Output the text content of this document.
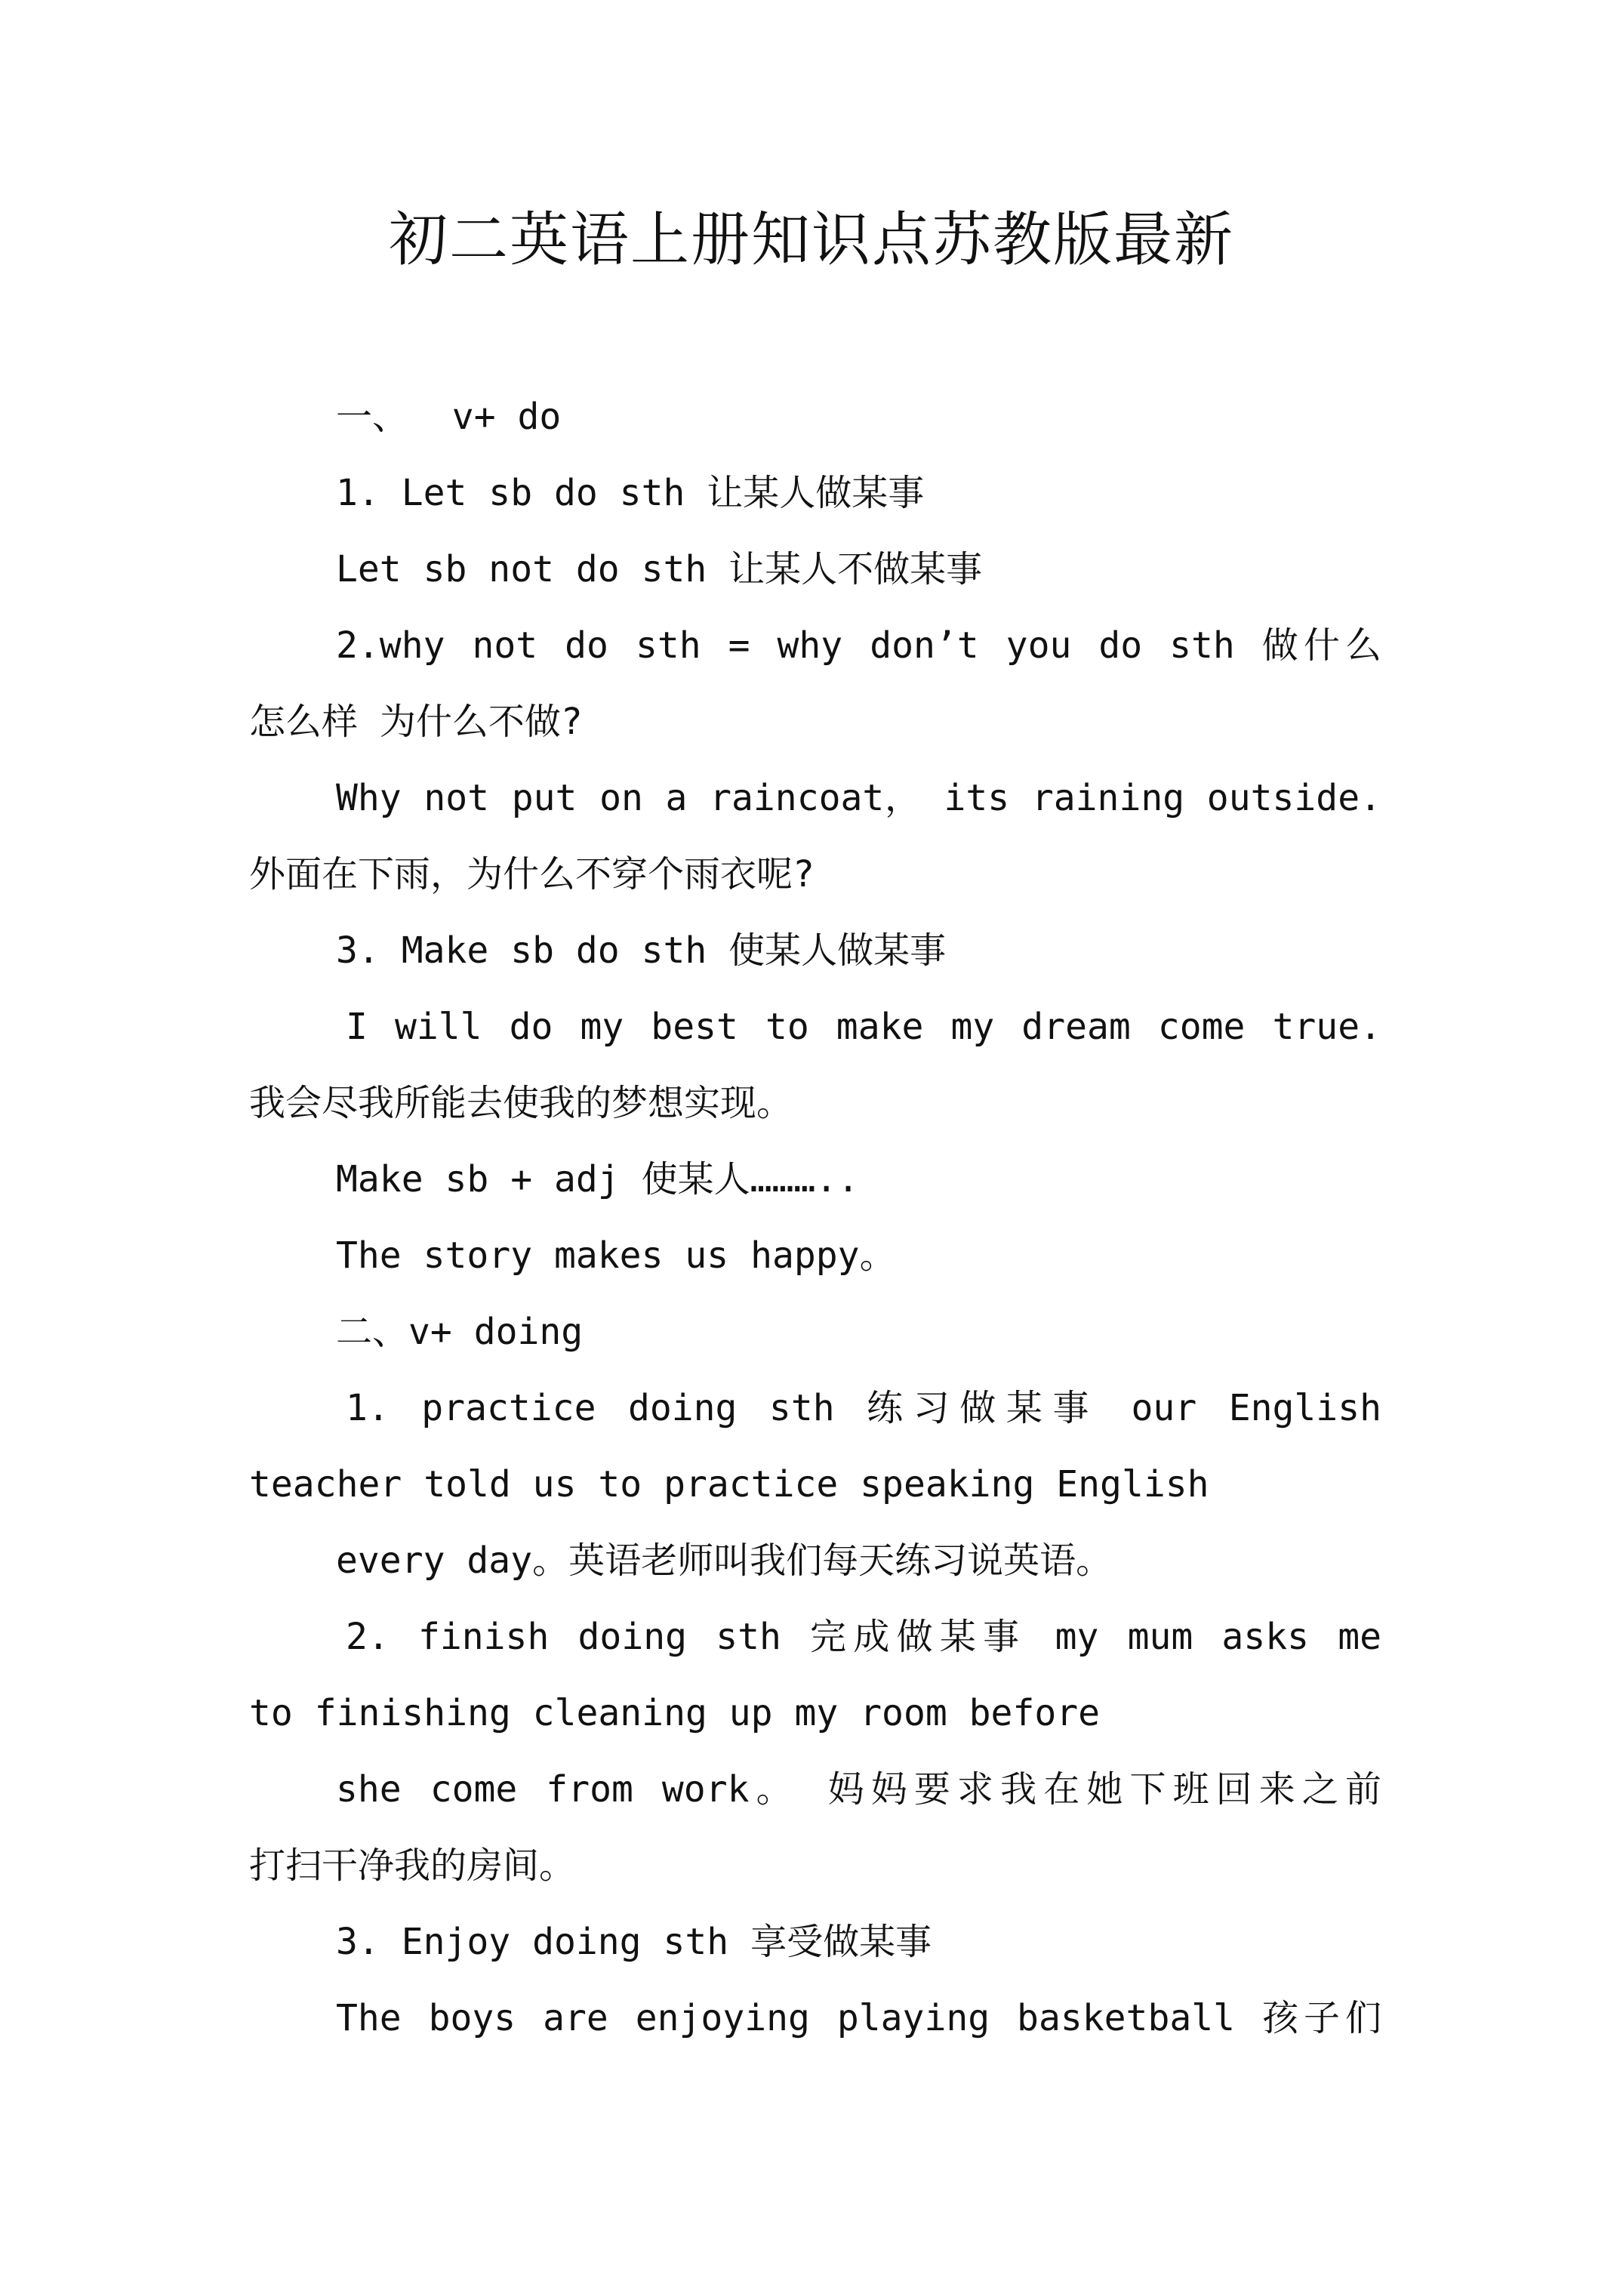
初二英语上册知识点苏教版最新

一、  v+ do

1. Let sb do sth 让某人做某事

Let sb not do sth 让某人不做某事

2.why not do sth = why don’t you do sth 做什么

怎么样 为什么不做?

Why not put on a raincoat， its raining outside.

外面在下雨，为什么不穿个雨衣呢?

3. Make sb do sth 使某人做某事

I will do my best to make my dream come true.

我会尽我所能去使我的梦想实现。

Make sb + adj 使某人………..

The story makes us happy。

二、v+ doing

1. practice doing sth 练习做某事 our English

teacher told us to practice speaking English

every day。英语老师叫我们每天练习说英语。

2. finish doing sth 完成做某事 my mum asks me

to finishing cleaning up my room before

she come from work。 妈妈要求我在她下班回来之前

打扫干净我的房间。

3. Enjoy doing sth 享受做某事

The boys are enjoying playing basketball 孩子们
